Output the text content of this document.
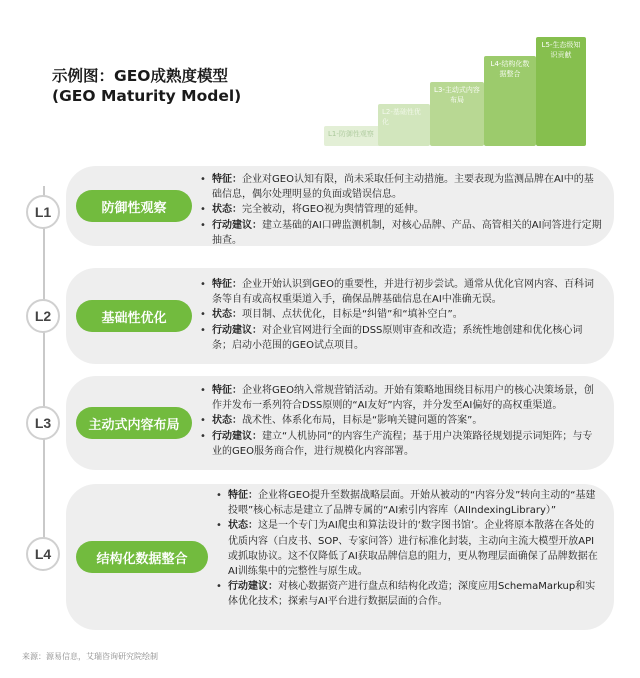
示例图：GEO成熟度模型
(GEO Maturity Model)
L1-防御性观察
L2-基础性优化
L3-主动式内容布局
L4-结构化数据整合
L5-生态级知识贡献
L1
L2
L3
L4
防御性观察
• 特征：企业对GEO认知有限，尚未采取任何主动措施。主要表现为监测品牌在AI中的基础信息，偶尔处理明显的负面或错误信息。
• 状态：完全被动，将GEO视为舆情管理的延伸。
• 行动建议：建立基础的AI口碑监测机制，对核心品牌、产品、高管相关的AI问答进行定期抽查。
基础性优化
• 特征：企业开始认识到GEO的重要性，并进行初步尝试。通常从优化官网内容、百科词条等自有或高权重渠道入手，确保品牌基础信息在AI中准确无误。
• 状态：项目制、点状优化，目标是“纠错”和“填补空白”。
• 行动建议：对企业官网进行全面的DSS原则审查和改造；系统性地创建和优化核心词条；启动小范围的GEO试点项目。
主动式内容布局
• 特征：企业将GEO纳入常规营销活动。开始有策略地围绕目标用户的核心决策场景，创作并发布一系列符合DSS原则的“AI友好”内容，并分发至AI偏好的高权重渠道。
• 状态：战术性、体系化布局，目标是“影响关键问题的答案”。
• 行动建议：建立“人机协同”的内容生产流程；基于用户决策路径规划提示词矩阵；与专业的GEO服务商合作，进行规模化内容部署。
结构化数据整合
• 特征：企业将GEO提升至数据战略层面。开始从被动的“内容分发”转向主动的“基建投喂”核心标志是建立了品牌专属的“AI索引内容库（AIIndexingLibrary）”
• 状态：这是一个专门为AI爬虫和算法设计的‘数字图书馆’。企业将原本散落在各处的优质内容（白皮书、SOP、专家问答）进行标准化封装，主动向主流大模型开放API或抓取协议。这不仅降低了AI获取品牌信息的阻力，更从物理层面确保了品牌数据在AI训练集中的完整性与原生成。
• 行动建议：对核心数据资产进行盘点和结构化改造；深度应用SchemaMarkup和实体优化技术；探索与AI平台进行数据层面的合作。
来源：源易信息，艾瑞咨询研究院绘制
